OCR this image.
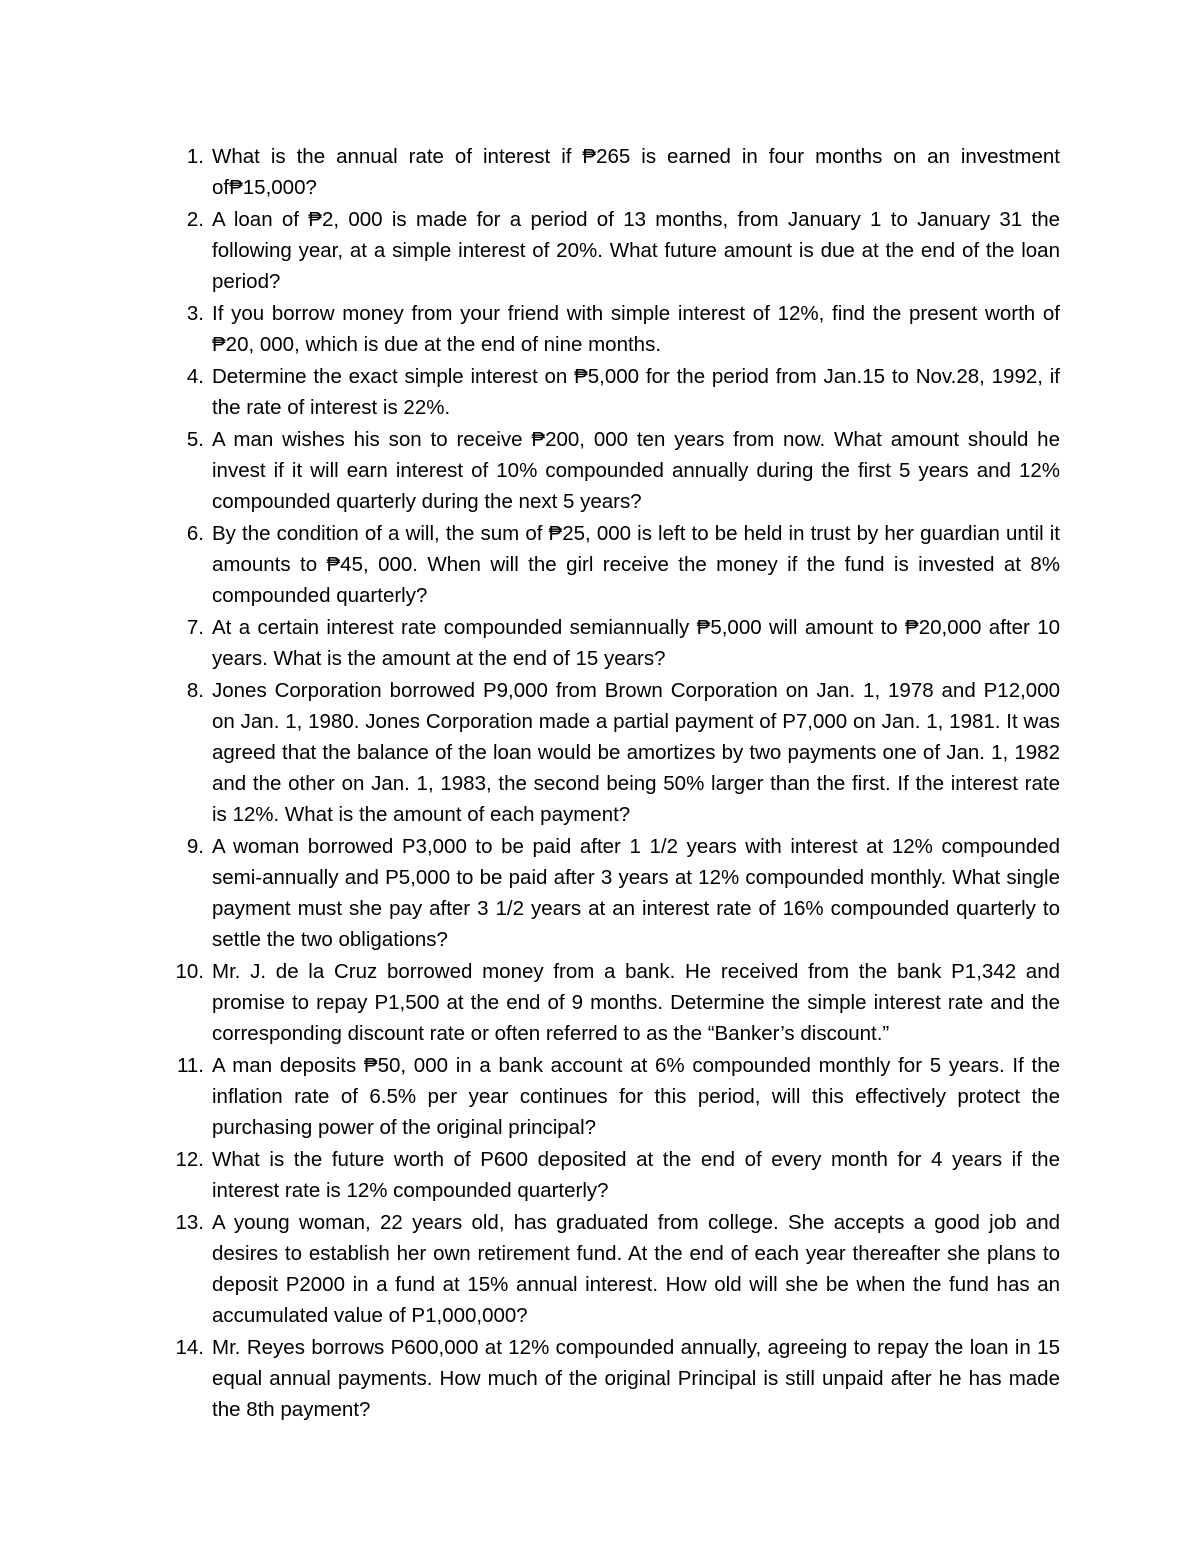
1. What is the annual rate of interest if ₱265 is earned in four months on an investment of₱15,000?
2. A loan of ₱2, 000 is made for a period of 13 months, from January 1 to January 31 the following year, at a simple interest of 20%. What future amount is due at the end of the loan period?
3. If you borrow money from your friend with simple interest of 12%, find the present worth of ₱20, 000, which is due at the end of nine months.
4. Determine the exact simple interest on ₱5,000 for the period from Jan.15 to Nov.28, 1992, if the rate of interest is 22%.
5. A man wishes his son to receive ₱200, 000 ten years from now. What amount should he invest if it will earn interest of 10% compounded annually during the first 5 years and 12% compounded quarterly during the next 5 years?
6. By the condition of a will, the sum of ₱25, 000 is left to be held in trust by her guardian until it amounts to ₱45, 000. When will the girl receive the money if the fund is invested at 8% compounded quarterly?
7. At a certain interest rate compounded semiannually ₱5,000 will amount to ₱20,000 after 10 years. What is the amount at the end of 15 years?
8. Jones Corporation borrowed P9,000 from Brown Corporation on Jan. 1, 1978 and P12,000 on Jan. 1, 1980. Jones Corporation made a partial payment of P7,000 on Jan. 1, 1981. It was agreed that the balance of the loan would be amortizes by two payments one of Jan. 1, 1982 and the other on Jan. 1, 1983, the second being 50% larger than the first. If the interest rate is 12%. What is the amount of each payment?
9. A woman borrowed P3,000 to be paid after 1 1/2 years with interest at 12% compounded semi-annually and P5,000 to be paid after 3 years at 12% compounded monthly. What single payment must she pay after 3 1/2 years at an interest rate of 16% compounded quarterly to settle the two obligations?
10. Mr. J. de la Cruz borrowed money from a bank. He received from the bank P1,342 and promise to repay P1,500 at the end of 9 months. Determine the simple interest rate and the corresponding discount rate or often referred to as the “Banker’s discount.”
11. A man deposits ₱50, 000 in a bank account at 6% compounded monthly for 5 years. If the inflation rate of 6.5% per year continues for this period, will this effectively protect the purchasing power of the original principal?
12. What is the future worth of P600 deposited at the end of every month for 4 years if the interest rate is 12% compounded quarterly?
13. A young woman, 22 years old, has graduated from college. She accepts a good job and desires to establish her own retirement fund. At the end of each year thereafter she plans to deposit P2000 in a fund at 15% annual interest. How old will she be when the fund has an accumulated value of P1,000,000?
14. Mr. Reyes borrows P600,000 at 12% compounded annually, agreeing to repay the loan in 15 equal annual payments. How much of the original Principal is still unpaid after he has made the 8th payment?
